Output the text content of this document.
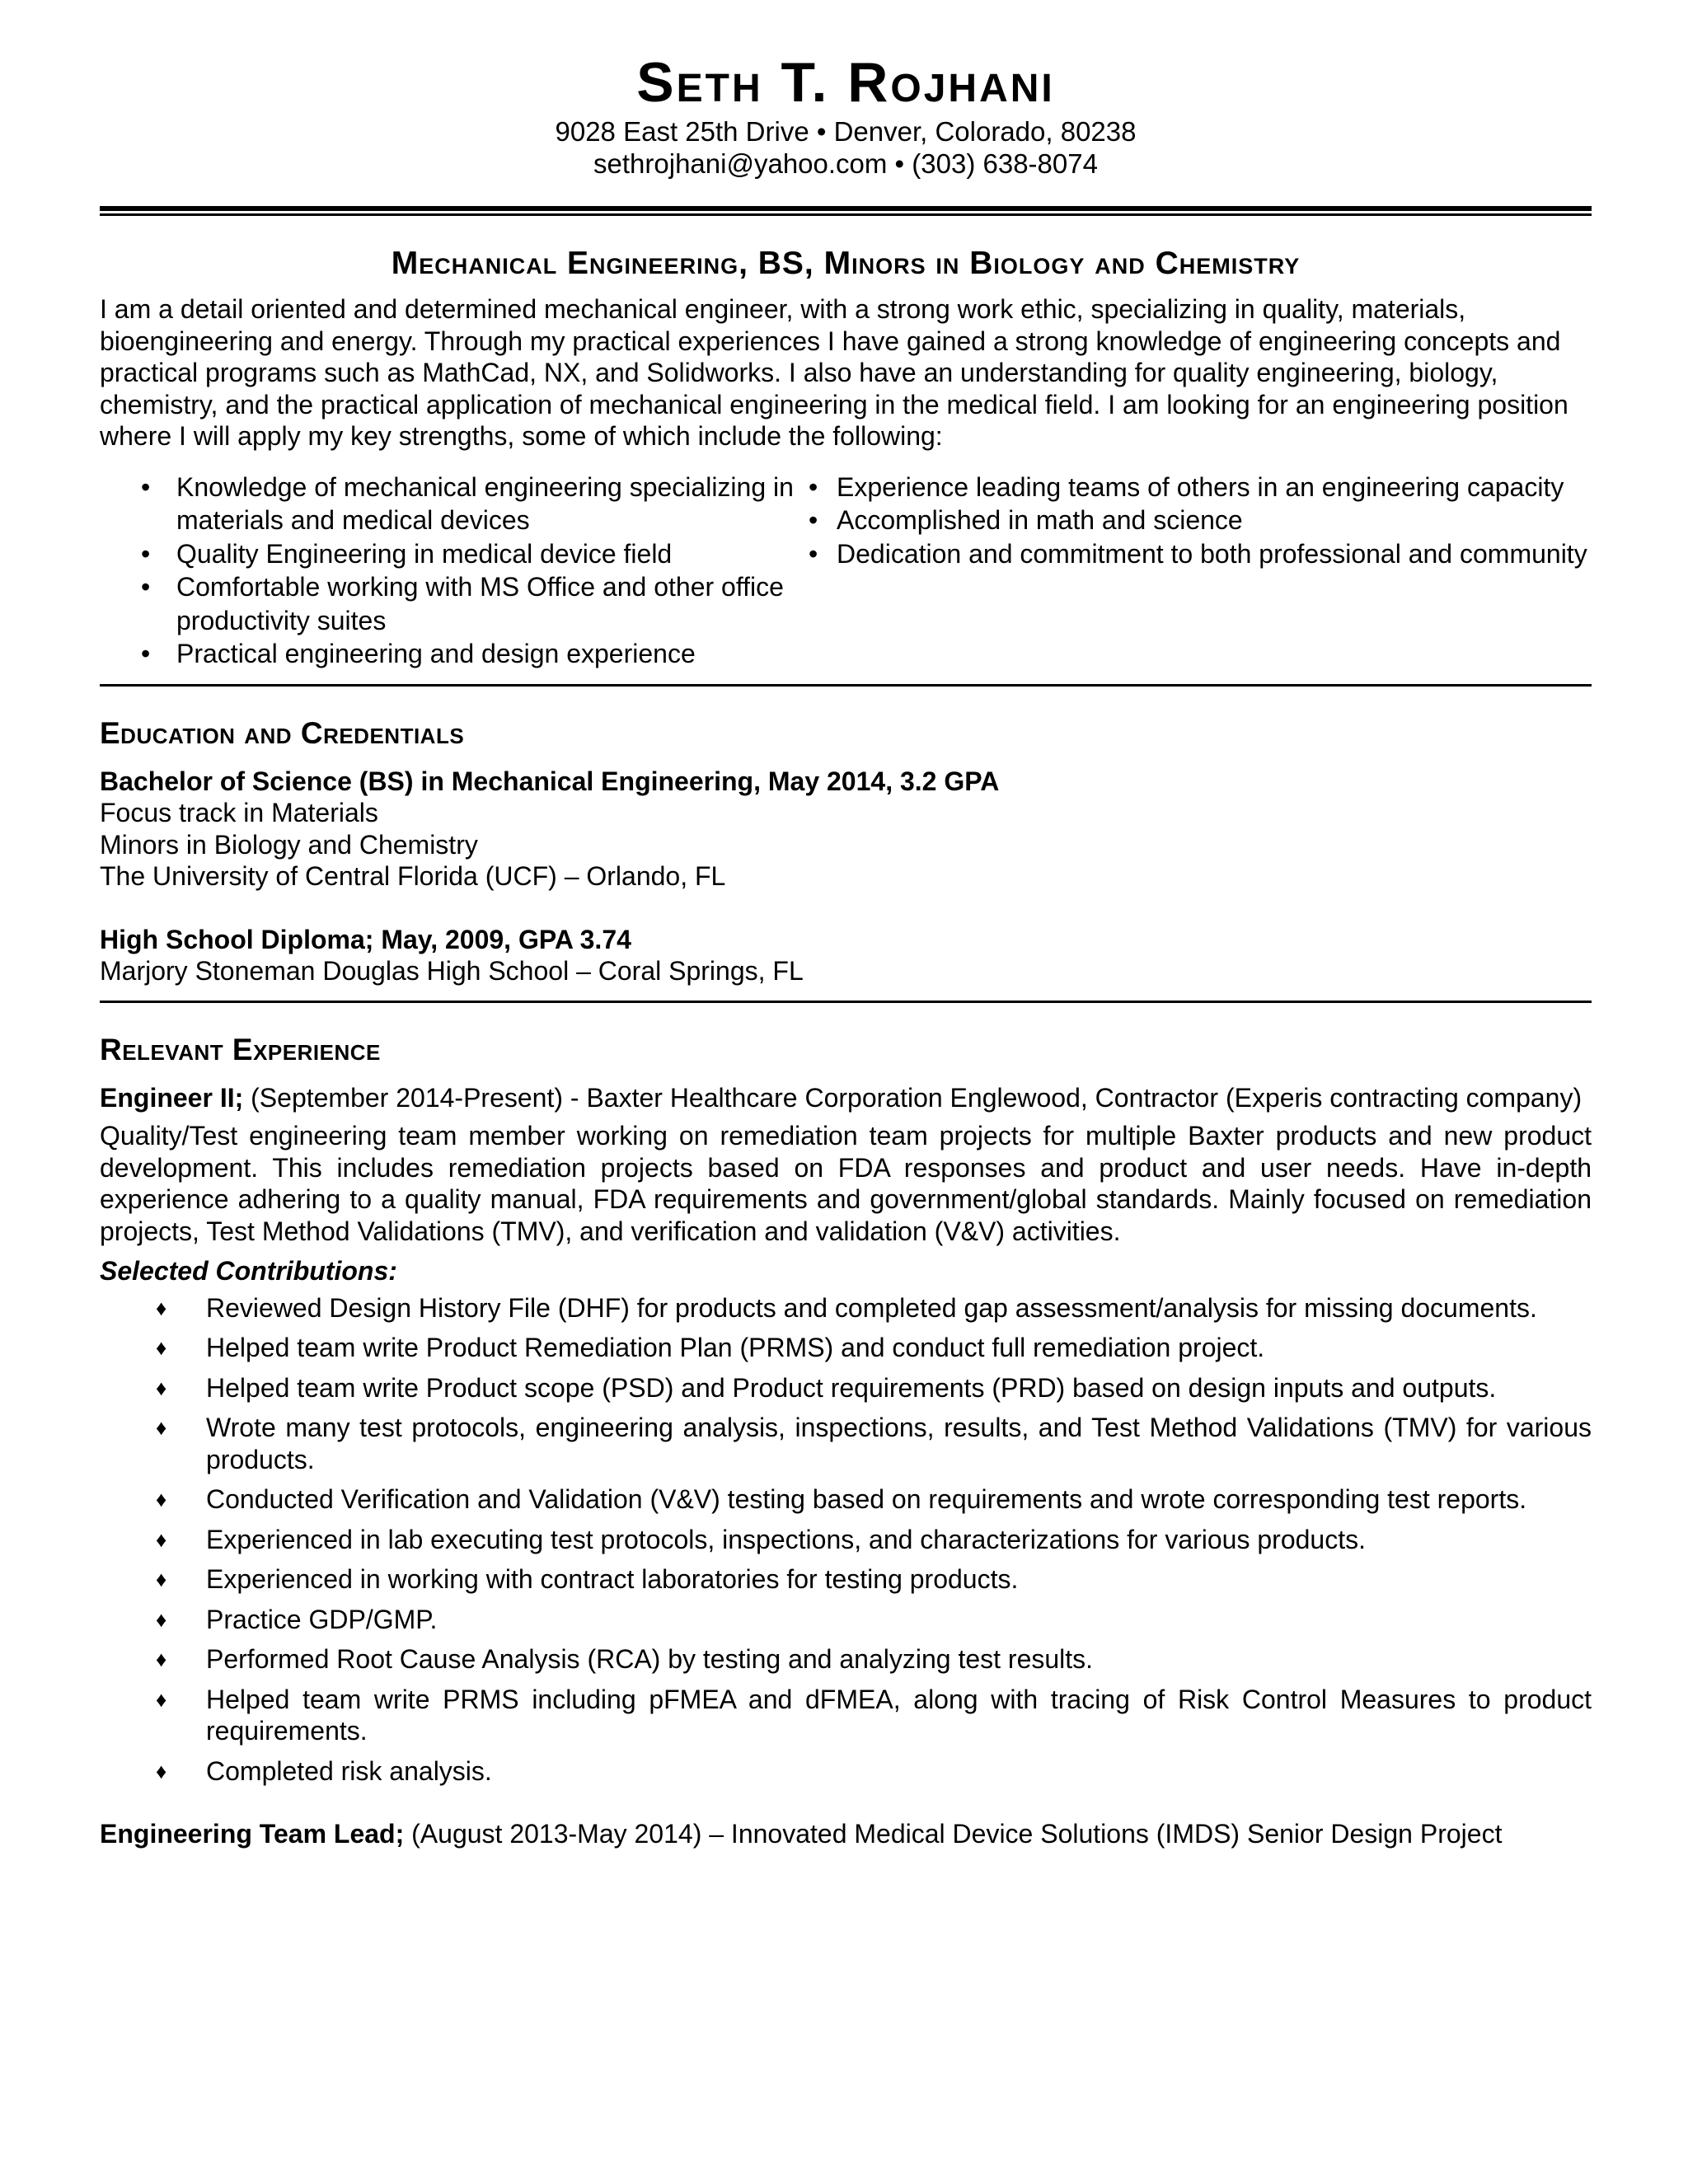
Seth T. Rojhani
9028 East 25th Drive • Denver, Colorado, 80238
sethrojhani@yahoo.com • (303) 638-8074
Mechanical Engineering, BS, Minors in Biology and Chemistry
I am a detail oriented and determined mechanical engineer, with a strong work ethic, specializing in quality, materials, bioengineering and energy. Through my practical experiences I have gained a strong knowledge of engineering concepts and practical programs such as MathCad, NX, and Solidworks. I also have an understanding for quality engineering, biology, chemistry, and the practical application of mechanical engineering in the medical field. I am looking for an engineering position where I will apply my key strengths, some of which include the following:
• Knowledge of mechanical engineering specializing in materials and medical devices
• Quality Engineering in medical device field
• Comfortable working with MS Office and other office productivity suites
• Practical engineering and design experience
• Experience leading teams of others in an engineering capacity
• Accomplished in math and science
• Dedication and commitment to both professional and community
Education and Credentials
Bachelor of Science (BS) in Mechanical Engineering, May 2014, 3.2 GPA
Focus track in Materials
Minors in Biology and Chemistry
The University of Central Florida (UCF) – Orlando, FL
High School Diploma; May, 2009, GPA 3.74
Marjory Stoneman Douglas High School – Coral Springs, FL
Relevant Experience
Engineer II; (September 2014-Present) - Baxter Healthcare Corporation Englewood, Contractor (Experis contracting company)
Quality/Test engineering team member working on remediation team projects for multiple Baxter products and new product development. This includes remediation projects based on FDA responses and product and user needs. Have in-depth experience adhering to a quality manual, FDA requirements and government/global standards. Mainly focused on remediation projects, Test Method Validations (TMV), and verification and validation (V&V) activities.
Selected Contributions:
♦ Reviewed Design History File (DHF) for products and completed gap assessment/analysis for missing documents.
♦ Helped team write Product Remediation Plan (PRMS) and conduct full remediation project.
♦ Helped team write Product scope (PSD) and Product requirements (PRD) based on design inputs and outputs.
♦ Wrote many test protocols, engineering analysis, inspections, results, and Test Method Validations (TMV) for various products.
♦ Conducted Verification and Validation (V&V) testing based on requirements and wrote corresponding test reports.
♦ Experienced in lab executing test protocols, inspections, and characterizations for various products.
♦ Experienced in working with contract laboratories for testing products.
♦ Practice GDP/GMP.
♦ Performed Root Cause Analysis (RCA) by testing and analyzing test results.
♦ Helped team write PRMS including pFMEA and dFMEA, along with tracing of Risk Control Measures to product requirements.
♦ Completed risk analysis.
Engineering Team Lead; (August 2013-May 2014) – Innovated Medical Device Solutions (IMDS) Senior Design Project
